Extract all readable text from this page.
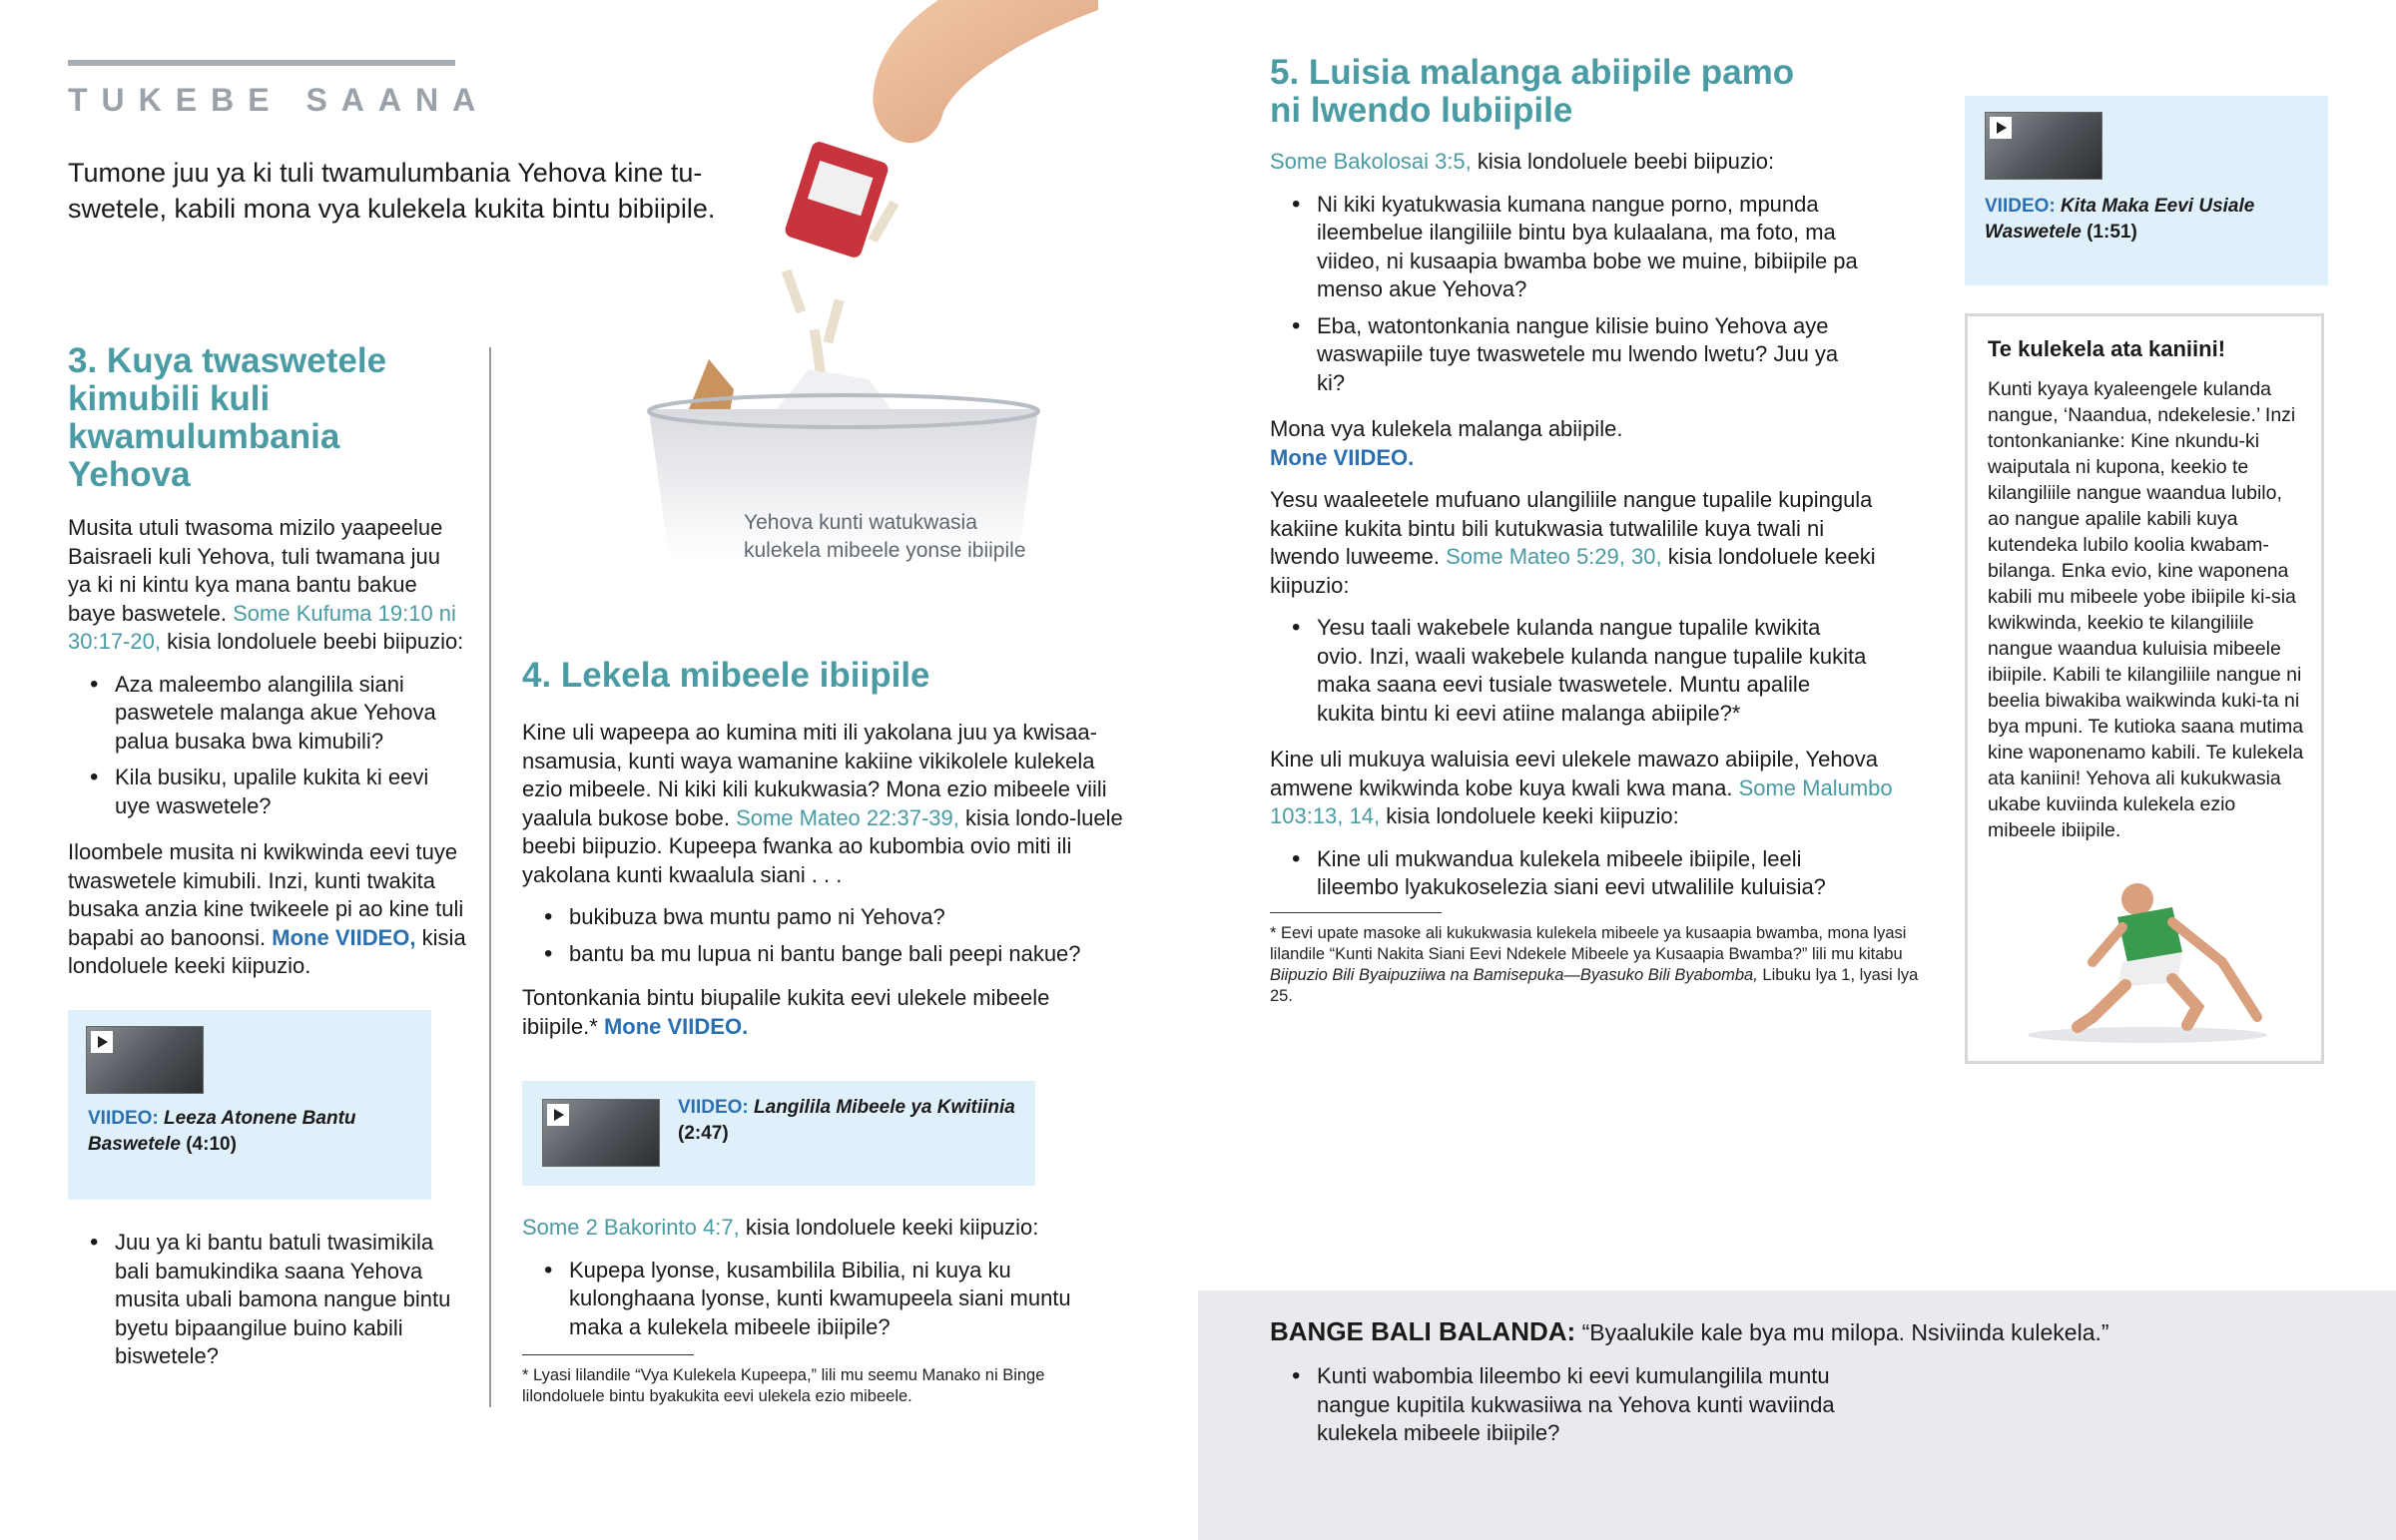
TUKEBE SAANA

Tumone juu ya ki tuli twamulumbania Yehova kine tu-swetele, kabili mona vya kulekela kukita bintu bibiipile.

Yehova kunti watukwasia
kulekela mibeele yonse ibiipile
3. Kuya twaswetele kimubili kuli kwamulumbania Yehova

Musita utuli twasoma mizilo yaapeelue Baisraeli kuli Yehova, tuli twamana juu ya ki ni kintu kya mana bantu bakue baye baswetele. Some Kufuma 19:10 ni 30:17-20, kisia londoluele beebi biipuzio:

• Aza maleembo alangilila siani paswetele malanga akue Yehova palua busaka bwa kimubili?
• Kila busiku, upalile kukita ki eevi uye waswetele?

Iloombele musita ni kwikwinda eevi tuye twaswetele kimubili. Inzi, kunti twakita busaka anzia kine twikeele pi ao kine tuli bapabi ao banoonsi. Mone VIIDEO, kisia londoluele keeki kiipuzio.

VIIDEO: Leeza Atonene Bantu Baswetele (4:10)
• Juu ya ki bantu batuli twasimikila bali bamukindika saana Yehova musita ubali bamona nangue bintu byetu bipaangilue buino kabili biswetele?
4. Lekela mibeele ibiipile

Kine uli wapeepa ao kumina miti ili yakolana juu ya kwisaa-nsamusia, kunti waya wamanine kakiine vikikolele kulekela ezio mibeele. Ni kiki kili kukukwasia? Mona ezio mibeele viili yaalula bukose bobe. Some Mateo 22:37-39, kisia londo-luele beebi biipuzio. Kupeepa fwanka ao kubombia ovio miti ili yakolana kunti kwaalula siani . . .

• bukibuza bwa muntu pamo ni Yehova?
• bantu ba mu lupua ni bantu bange bali peepi nakue?

Tontonkania bintu biupalile kukita eevi ulekele mibeele ibiipile.* Mone VIIDEO.

VIIDEO: Langilila Mibeele ya Kwitiinia (2:47)

Some 2 Bakorinto 4:7, kisia londoluele keeki kiipuzio:

• Kupepa lyonse, kusambilila Bibilia, ni kuya ku kulonghaana lyonse, kunti kwamupeela siani muntu maka a kulekela mibeele ibiipile?

* Lyasi lilandile “Vya Kulekela Kupeepa,” lili mu seemu Manako ni Binge lilondoluele bintu byakukita eevi ulekela ezio mibeele.

5. Luisia malanga abiipile pamo
ni lwendo lubiipile

Some Bakolosai 3:5, kisia londoluele beebi biipuzio:

• Ni kiki kyatukwasia kumana nangue porno, mpunda ileembelue ilangiliile bintu bya kulaalana, ma foto, ma viideo, ni kusaapia bwamba bobe we muine, bibiipile pa menso akue Yehova?
• Eba, watontonkania nangue kilisie buino Yehova aye waswapiile tuye twaswetele mu lwendo lwetu? Juu ya ki?

Mona vya kulekela malanga abiipile.
Mone VIIDEO.

Yesu waaleetele mufuano ulangiliile nangue tupalile kupingula kakiine kukita bintu bili kutukwasia tutwalilile kuya twali ni lwendo luweeme. Some Mateo 5:29, 30, kisia londoluele keeki kiipuzio:

• Yesu taali wakebele kulanda nangue tupalile kwikita ovio. Inzi, waali wakebele kulanda nangue tupalile kukita maka saana eevi tusiale twaswetele. Muntu apalile kukita bintu ki eevi atiine malanga abiipile?*

Kine uli mukuya waluisia eevi ulekele mawazo abiipile, Yehova amwene kwikwinda kobe kuya kwali kwa mana. Some Malumbo 103:13, 14, kisia londoluele keeki kiipuzio:

• Kine uli mukwandua kulekela mibeele ibiipile, leeli lileembo lyakukoselezia siani eevi utwalilile kuluisia?

* Eevi upate masoke ali kukukwasia kulekela mibeele ya kusaapia bwamba, mona lyasi lilandile “Kunti Nakita Siani Eevi Ndekele Mibeele ya Kusaapia Bwamba?” lili mu kitabu Biipuzio Bili Byaipuziiwa na Bamisepuka—Byasuko Bili Byabomba, Libuku lya 1, lyasi lya 25.

VIIDEO: Kita Maka Eevi Usiale Waswetele (1:51)
Te kulekela ata kaniini!

Kunti kyaya kyaleengele kulanda nangue, ‘Naandua, ndekelesie.’ Inzi tontonkanianke: Kine nkundu-ki waiputala ni kupona, keekio te kilangiliile nangue waandua lubilo, ao nangue apalile kabili kuya kutendeka lubilo koolia kwabam-bilanga. Enka evio, kine waponena kabili mu mibeele yobe ibiipile ki-sia kwikwinda, keekio te kilangiliile nangue waandua kuluisia mibeele ibiipile. Kabili te kilangiliile nangue ni beelia biwakiba waikwinda kuki-ta ni bya mpuni. Te kutioka saana mutima kine waponenamo kabili. Te kulekela ata kaniini! Yehova ali kukukwasia ukabe kuviinda kulekela ezio mibeele ibiipile.

BANGE BALI BALANDA: “Byaalukile kale bya mu milopa. Nsiviinda kulekela.”

• Kunti wabombia lileembo ki eevi kumulangilila muntu nangue kupitila kukwasiiwa na Yehova kunti waviinda kulekela mibeele ibiipile?
